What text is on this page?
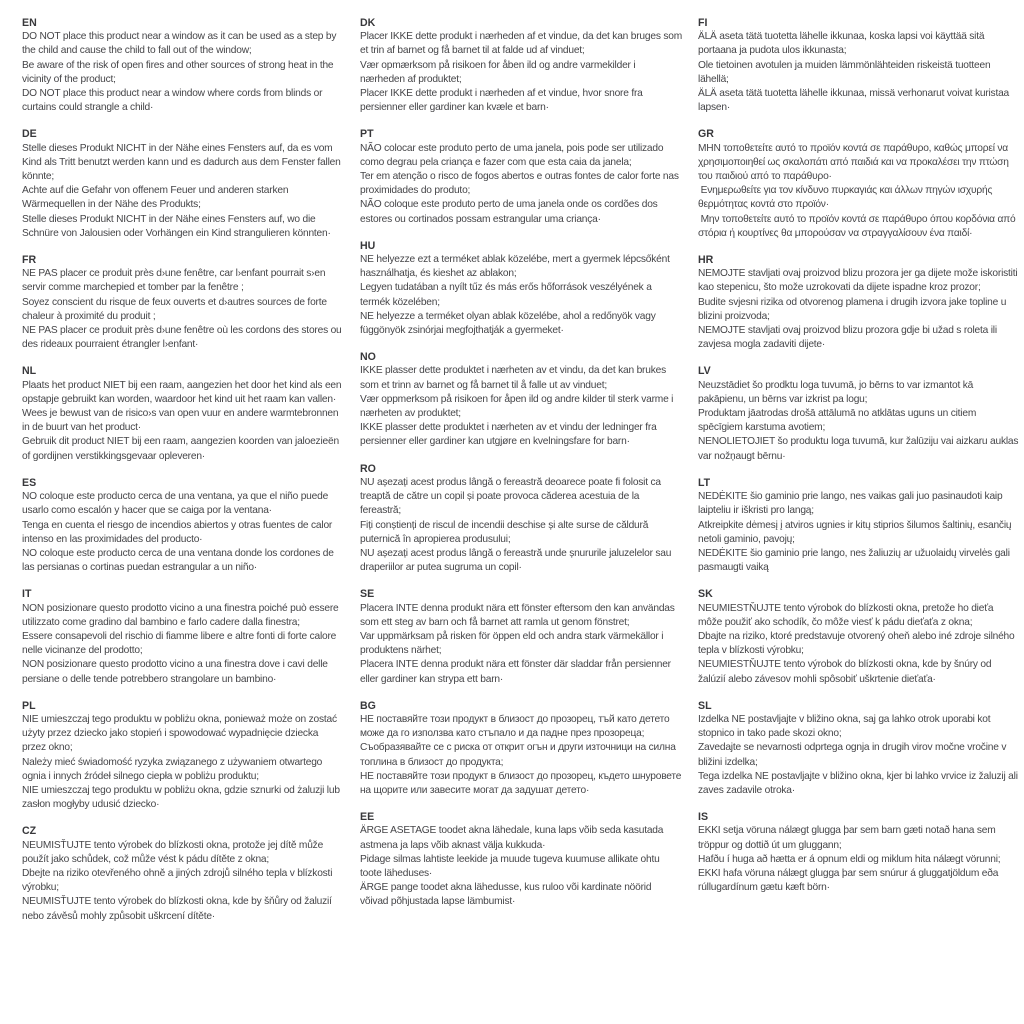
EN

DO NOT place this product near a window as it can be used as a step by the child and cause the child to fall out of the window;

Be aware of the risk of open fires and other sources of strong heat in the vicinity of the product;

DO NOT place this product near a window where cords from blinds or curtains could strangle a child·

DE

Stelle dieses Produkt NICHT in der Nähe eines Fensters auf, da es vom Kind als Tritt benutzt werden kann und es dadurch aus dem Fenster fallen könnte;

Achte auf die Gefahr von offenem Feuer und anderen starken Wärmequellen in der Nähe des Produkts;

Stelle dieses Produkt NICHT in der Nähe eines Fensters auf, wo die Schnüre von Jalousien oder Vorhängen ein Kind strangulieren könnten·

FR

NE PAS placer ce produit près d›une fenêtre, car l›enfant pourrait s›en servir comme marchepied et tomber par la fenêtre ;

Soyez conscient du risque de feux ouverts et d›autres sources de forte chaleur à proximité du produit ;

NE PAS placer ce produit près d›une fenêtre où les cordons des stores ou des rideaux pourraient étrangler l›enfant·

NL

Plaats het product NIET bij een raam, aangezien het door het kind als een opstapje gebruikt kan worden, waardoor het kind uit het raam kan vallen·

Wees je bewust van de risico›s van open vuur en andere warmtebronnen in de buurt van het product·

Gebruik dit product NIET bij een raam, aangezien koorden van jaloezieën of gordijnen verstikkingsgevaar opleveren·

ES

NO coloque este producto cerca de una ventana, ya que el niño puede usarlo como escalón y hacer que se caiga por la ventana·

Tenga en cuenta el riesgo de incendios abiertos y otras fuentes de calor intenso en las proximidades del producto·

NO coloque este producto cerca de una ventana donde los cordones de las persianas o cortinas puedan estrangular a un niño·

IT

NON posizionare questo prodotto vicino a una finestra poiché può essere utilizzato come gradino dal bambino e farlo cadere dalla finestra;

Essere consapevoli del rischio di fiamme libere e altre fonti di forte calore nelle vicinanze del prodotto;

NON posizionare questo prodotto vicino a una finestra dove i cavi delle persiane o delle tende potrebbero strangolare un bambino·

PL

NIE umieszczaj tego produktu w pobliżu okna, ponieważ może on zostać użyty przez dziecko jako stopień i spowodować wypadnięcie dziecka przez okno;

Należy mieć świadomość ryzyka związanego z używaniem otwartego ognia i innych źródeł silnego ciepła w pobliżu produktu;

NIE umieszczaj tego produktu w pobliżu okna, gdzie sznurki od żaluzji lub zasłon mogłyby udusić dziecko·

CZ

NEUMISŤUJTE tento výrobek do blízkosti okna, protože jej dítě může použít jako schůdek, což může vést k pádu dítěte z okna;

Dbejte na riziko otevřeného ohně a jiných zdrojů silného tepla v blízkosti výrobku;

NEUMISŤUJTE tento výrobek do blízkosti okna, kde by šňůry od žaluzií nebo závěsů mohly způsobit uškrcení dítěte·

DK

Placer IKKE dette produkt i nærheden af et vindue, da det kan bruges som et trin af barnet og få barnet til at falde ud af vinduet;

Vær opmærksom på risikoen for åben ild og andre varmekilder i nærheden af produktet;

Placer IKKE dette produkt i nærheden af et vindue, hvor snore fra persienner eller gardiner kan kvæle et barn·

PT

NÃO colocar este produto perto de uma janela, pois pode ser utilizado como degrau pela criança e fazer com que esta caia da janela;

Ter em atenção o risco de fogos abertos e outras fontes de calor forte nas proximidades do produto;

NÃO coloque este produto perto de uma janela onde os cordões dos estores ou cortinados possam estrangular uma criança·

HU

NE helyezze ezt a terméket ablak közelébe, mert a gyermek lépcsőként használhatja, és kieshet az ablakon;

Legyen tudatában a nyílt tűz és más erős hőforrások veszélyének a termék közelében;

NE helyezze a terméket olyan ablak közelébe, ahol a redőnyök vagy függönyök zsinórjai megfojthatják a gyermeket·

NO

IKKE plasser dette produktet i nærheten av et vindu, da det kan brukes som et trinn av barnet og få barnet til å falle ut av vinduet;

Vær oppmerksom på risikoen for åpen ild og andre kilder til sterk varme i nærheten av produktet;

IKKE plasser dette produktet i nærheten av et vindu der ledninger fra persienner eller gardiner kan utgjøre en kvelningsfare for barn·

RO

NU așezați acest produs lângă o fereastră deoarece poate fi folosit ca treaptă de către un copil și poate provoca căderea acestuia de la fereastră;

Fiți conștienți de riscul de incendii deschise și alte surse de căldură puternică în apropierea produsului;

NU așezați acest produs lângă o fereastră unde șnururile jaluzelelor sau draperiilor ar putea sugruma un copil·

SE

Placera INTE denna produkt nära ett fönster eftersom den kan användas som ett steg av barn och få barnet att ramla ut genom fönstret;

Var uppmärksam på risken för öppen eld och andra stark värmekällor i produktens närhet;

Placera INTE denna produkt nära ett fönster där sladdar från persienner eller gardiner kan strypa ett barn·

BG

НЕ поставяйте този продукт в близост до прозорец, тъй като детето може да го използва като стъпало и да падне през прозореца;

Съобразявайте се с риска от открит огън и други източници на силна топлина в близост до продукта;

НЕ поставяйте този продукт в близост до прозорец, където шнуровете на щорите или завесите могат да задушат детето·

EE

ÄRGE ASETAGE toodet akna lähedale, kuna laps võib seda kasutada astmena ja laps võib aknast välja kukkuda·

Pidage silmas lahtiste leekide ja muude tugeva kuumuse allikate ohtu toote läheduses·

ÄRGE pange toodet akna lähedusse, kus ruloo või kardinate nöörid võivad põhjustada lapse lämbumist·

FI

ÄLÄ aseta tätä tuotetta lähelle ikkunaa, koska lapsi voi käyttää sitä portaana ja pudota ulos ikkunasta;

Ole tietoinen avotulen ja muiden lämmönlähteiden riskeistä tuotteen lähellä;

ÄLÄ aseta tätä tuotetta lähelle ikkunaa, missä verhonarut voivat kuristaa lapsen·

GR

ΜΗΝ τοποθετείτε αυτό το προϊόν κοντά σε παράθυρο, καθώς μπορεί να χρησιμοποιηθεί ως σκαλοπάτι από παιδιά και να προκαλέσει την πτώση του παιδιού από το παράθυρο·

Ενημερωθείτε για τον κίνδυνο πυρκαγιάς και άλλων πηγών ισχυρής θερμότητας κοντά στο προϊόν·

Μην τοποθετείτε αυτό το προϊόν κοντά σε παράθυρο όπου κορδόνια από στόρια ή κουρτίνες θα μπορούσαν να στραγγαλίσουν ένα παιδί·

HR

NEMOJTE stavljati ovaj proizvod blizu prozora jer ga dijete može iskoristiti kao stepenicu, što može uzrokovati da dijete ispadne kroz prozor;

Budite svjesni rizika od otvorenog plamena i drugih izvora jake topline u blizini proizvoda;

NEMOJTE stavljati ovaj proizvod blizu prozora gdje bi užad s roleta ili zavjesa mogla zadaviti dijete·

LV

Neuzstādiet šo prodktu loga tuvumā, jo bērns to var izmantot kā pakāpienu, un bērns var izkrist pa logu;

Produktam jāatrodas drošā attālumā no atklātas uguns un citiem spēcīgiem karstuma avotiem;

NENOLIETOJIET šo produktu loga tuvumā, kur žalūziju vai aizkaru auklas var nožņaugt bērnu·

LT

NEDĖKITE šio gaminio prie lango, nes vaikas gali juo pasinaudoti kaip laipteliu ir iškristi pro langą;

Atkreipkite dėmesį į atviros ugnies ir kitų stiprios šilumos šaltinių, esančių netoli gaminio, pavojų;

NEDĖKITE šio gaminio prie lango, nes žaliuzių ar užuolaidų virvelės gali pasmaugti vaiką

SK

NEUMIESTŇUJTE tento výrobok do blízkosti okna, pretože ho dieťa môže použiť ako schodík, čo môže viesť k pádu dieťaťa z okna;

Dbajte na riziko, ktoré predstavuje otvorený oheň alebo iné zdroje silného tepla v blízkosti výrobku;

NEUMIESTŇUJTE tento výrobok do blízkosti okna, kde by šnúry od žalúzií alebo závesov mohli spôsobiť uškrtenie dieťaťa·

SL

Izdelka NE postavljajte v bližino okna, saj ga lahko otrok uporabi kot stopnico in tako pade skozi okno;

Zavedajte se nevarnosti odprtega ognja in drugih virov močne vročine v bližini izdelka;

Tega izdelka NE postavljajte v bližino okna, kjer bi lahko vrvice iz žaluzij ali zaves zadavile otroka·

IS

EKKI setja vöruna nálægt glugga þar sem barn gæti notað hana sem tröppur og dottið út um gluggann;

Hafðu í huga að hætta er á opnum eldi og miklum hita nálægt vörunni;

EKKI hafa vöruna nálægt glugga þar sem snúrur á gluggatjöldum eða rúllugardínum gætu kæft börn·
